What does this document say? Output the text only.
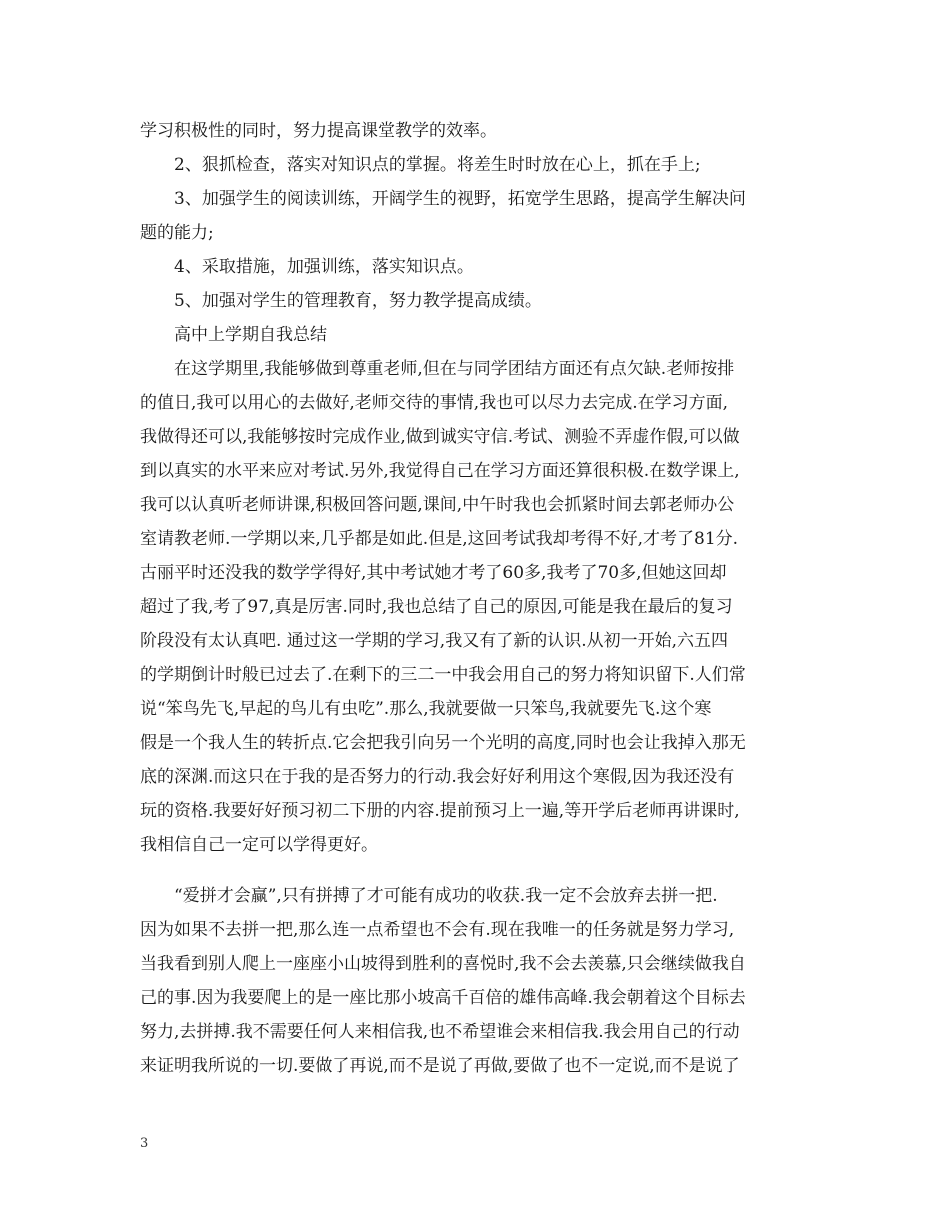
学习积极性的同时，努力提高课堂教学的效率。
2、狠抓检查，落实对知识点的掌握。将差生时时放在心上，抓在手上;
3、加强学生的阅读训练，开阔学生的视野，拓宽学生思路，提高学生解决问
题的能力;
4、采取措施，加强训练，落实知识点。
5、加强对学生的管理教育，努力教学提高成绩。
高中上学期自我总结
在这学期里,我能够做到尊重老师,但在与同学团结方面还有点欠缺.老师按排
的值日,我可以用心的去做好,老师交待的事情,我也可以尽力去完成.在学习方面,
我做得还可以,我能够按时完成作业,做到诚实守信.考试、测验不弄虚作假,可以做
到以真实的水平来应对考试.另外,我觉得自己在学习方面还算很积极.在数学课上,
我可以认真听老师讲课,积极回答问题,课间,中午时我也会抓紧时间去郭老师办公
室请教老师.一学期以来,几乎都是如此.但是,这回考试我却考得不好,才考了81分.
古丽平时还没我的数学学得好,其中考试她才考了60多,我考了70多,但她这回却
超过了我,考了97,真是厉害.同时,我也总结了自己的原因,可能是我在最后的复习
阶段没有太认真吧. 通过这一学期的学习,我又有了新的认识.从初一开始,六五四
的学期倒计时般已过去了.在剩下的三二一中我会用自己的努力将知识留下.人们常
说“笨鸟先飞,早起的鸟儿有虫吃”.那么,我就要做一只笨鸟,我就要先飞.这个寒
假是一个我人生的转折点.它会把我引向另一个光明的高度,同时也会让我掉入那无
底的深渊.而这只在于我的是否努力的行动.我会好好利用这个寒假,因为我还没有
玩的资格.我要好好预习初二下册的内容.提前预习上一遍,等开学后老师再讲课时,
我相信自己一定可以学得更好。
“爱拼才会赢”,只有拼搏了才可能有成功的收获.我一定不会放弃去拼一把.
因为如果不去拼一把,那么连一点希望也不会有.现在我唯一的任务就是努力学习,
当我看到别人爬上一座座小山坡得到胜利的喜悦时,我不会去羡慕,只会继续做我自
己的事.因为我要爬上的是一座比那小坡高千百倍的雄伟高峰.我会朝着这个目标去
努力,去拼搏.我不需要任何人来相信我,也不希望谁会来相信我.我会用自己的行动
来证明我所说的一切.要做了再说,而不是说了再做,要做了也不一定说,而不是说了
3
